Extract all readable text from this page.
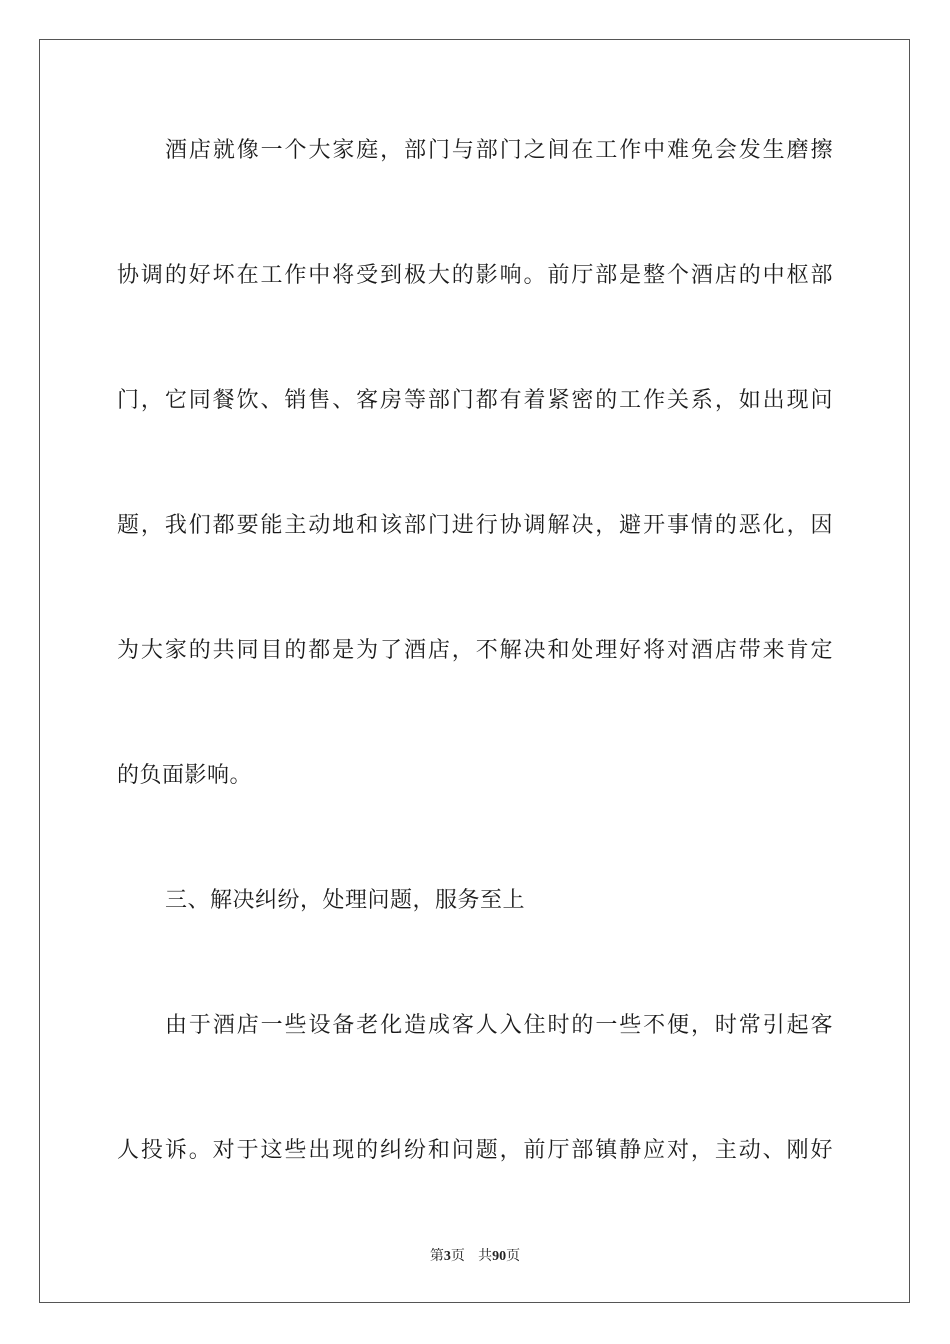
酒店就像一个大家庭，部门与部门之间在工作中难免会发生磨擦
协调的好坏在工作中将受到极大的影响。前厅部是整个酒店的中枢部
门，它同餐饮、销售、客房等部门都有着紧密的工作关系，如出现问
题，我们都要能主动地和该部门进行协调解决，避开事情的恶化，因
为大家的共同目的都是为了酒店，不解决和处理好将对酒店带来肯定
的负面影响。
三、解决纠纷，处理问题，服务至上
由于酒店一些设备老化造成客人入住时的一些不便，时常引起客
人投诉。对于这些出现的纠纷和问题，前厅部镇静应对，主动、刚好
第3页 共90页
